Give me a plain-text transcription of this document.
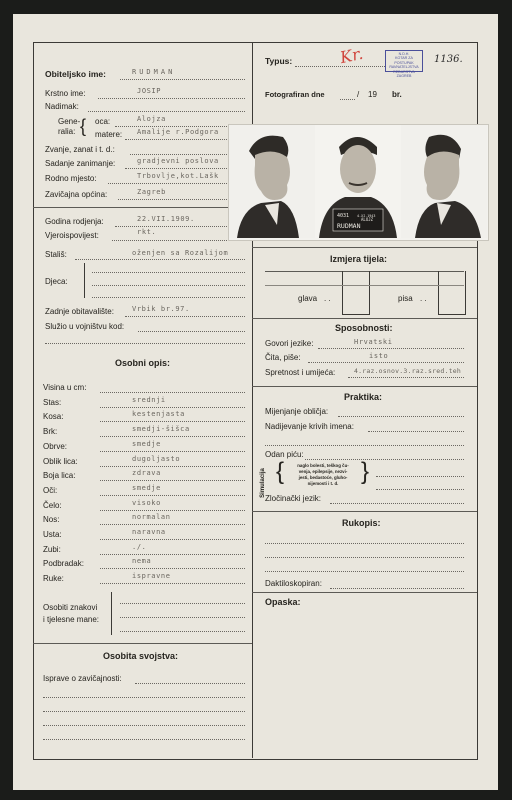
Typus:	Kr.	N.D.H.
KOTAR ZA POSTUPAK
RAVNATELJSTVA REDARSTVA
ZAGREB
1136.
Fotografiran dne	/ 19 br.
Obiteljsko ime:	RUDMAN
Krstno ime:	JOSIP
Nadimak:
Gene-
ralia: { oca:	Alojza
matere: Amalije r.Podgora
Zvanje, zanat i t. d.:
Sadanje zanimanje:	gradjevni poslova
Rodno mjesto:	Trbovlje,kot.Lašk
Zavičajna općina:	Zagreb
Godina rodjenja:	22.VII.1909.
Vjeroispovijest:	rkt.
Stališ:	oženjen sa Rozalijom
Djeca:
Zadnje obitavalište:	Vrbik br.97.
Služio u vojništvu kod:
Osobni opis:
Visina u cm:
Stas:	srednji
Kosa:	kestenjasta
Brk:	smedji-šišca
Obrve:	smedje
Oblik lica:	dugoljasto
Boja lica:	zdrava
Oči:	smedje
Čelo:	visoko
Nos:	normalan
Usta:	naravna
Zubi:	./.
Podbradak:	nema
Ruke:	ispravne
Osobiti znakovi
i tjelesne mane:
Osobita svojstva:
Isprave o zavičajnosti:
4031 4.XI.1943
ALOJZ
RUDMAN
Izmjera tijela:
glava . .	pisa . .
Sposobnosti:
Govori jezike:	Hrvatski
Čita, piše:	isto
Spretnost i umijeća:	4.raz.osnov.3.raz.sred.teh
Praktika:
Mijenjanje obličja:
Nadijevanje krivih imena:
Odan piću:
Simulacija {	naglo bolesti, teškog ču-
venja, epilepsije, nezvi-
jesti, bedastoće, gluho-
nijemosti i t. d. }
Zločinački jezik:
Rukopis:
Daktiloskopiran:
Opaska:
